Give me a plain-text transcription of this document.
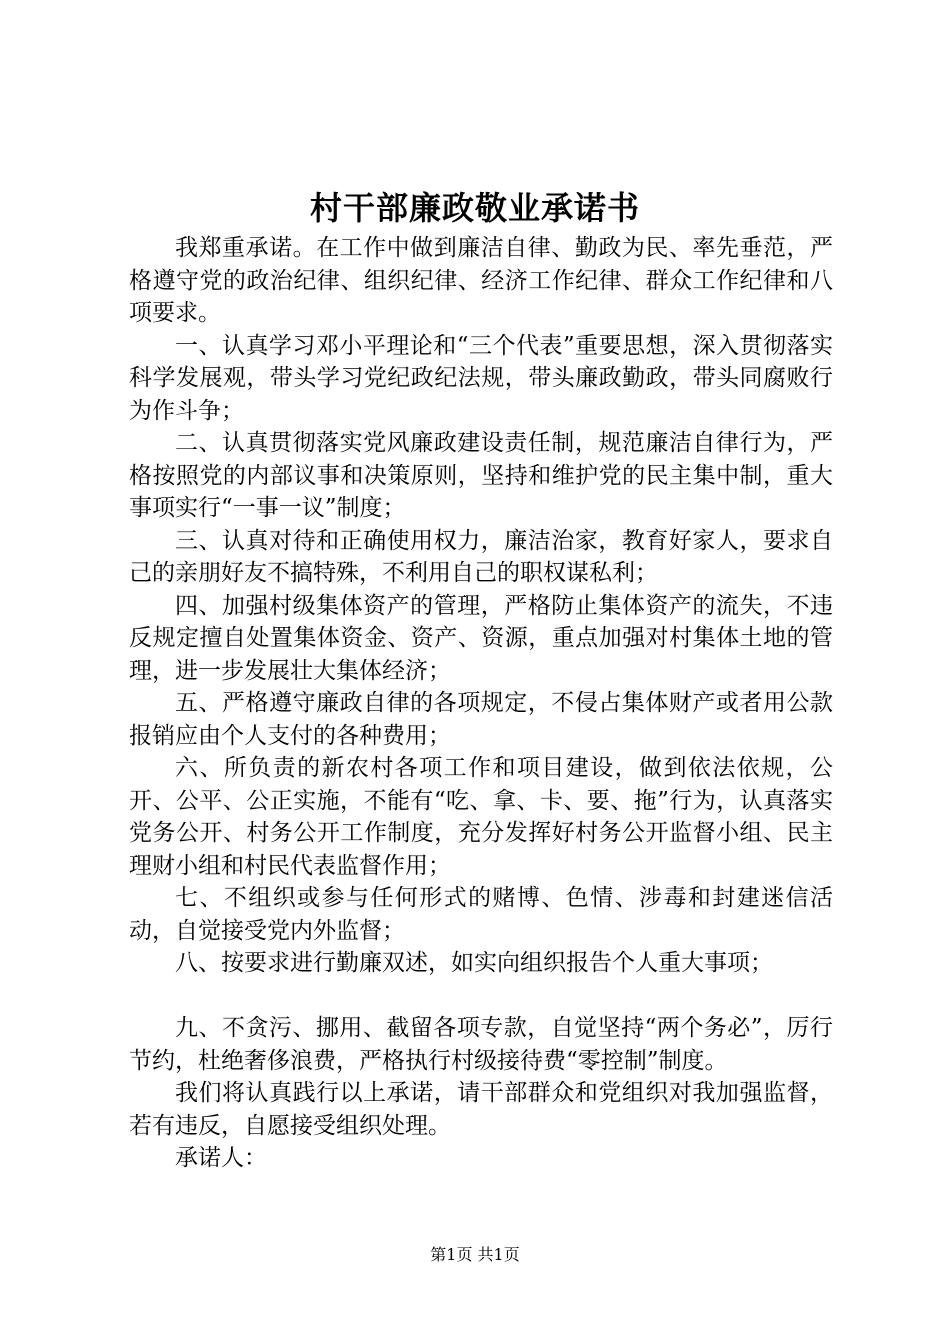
村干部廉政敬业承诺书

我郑重承诺。在工作中做到廉洁自律、勤政为民、率先垂范，严格遵守党的政治纪律、组织纪律、经济工作纪律、群众工作纪律和八项要求。

一、认真学习邓小平理论和“三个代表”重要思想，深入贯彻落实科学发展观，带头学习党纪政纪法规，带头廉政勤政，带头同腐败行为作斗争；

二、认真贯彻落实党风廉政建设责任制，规范廉洁自律行为，严格按照党的内部议事和决策原则，坚持和维护党的民主集中制，重大事项实行“一事一议”制度；

三、认真对待和正确使用权力，廉洁治家，教育好家人，要求自己的亲朋好友不搞特殊，不利用自己的职权谋私利；

四、加强村级集体资产的管理，严格防止集体资产的流失，不违反规定擅自处置集体资金、资产、资源，重点加强对村集体土地的管理，进一步发展壮大集体经济；

五、严格遵守廉政自律的各项规定，不侵占集体财产或者用公款报销应由个人支付的各种费用；

六、所负责的新农村各项工作和项目建设，做到依法依规，公开、公平、公正实施，不能有“吃、拿、卡、要、拖”行为，认真落实党务公开、村务公开工作制度，充分发挥好村务公开监督小组、民主理财小组和村民代表监督作用；

七、不组织或参与任何形式的赌博、色情、涉毒和封建迷信活动，自觉接受党内外监督；

八、按要求进行勤廉双述，如实向组织报告个人重大事项；

九、不贪污、挪用、截留各项专款，自觉坚持“两个务必”，厉行节约，杜绝奢侈浪费，严格执行村级接待费“零控制”制度。

我们将认真践行以上承诺，请干部群众和党组织对我加强监督，若有违反，自愿接受组织处理。

承诺人：

第1页 共1页
